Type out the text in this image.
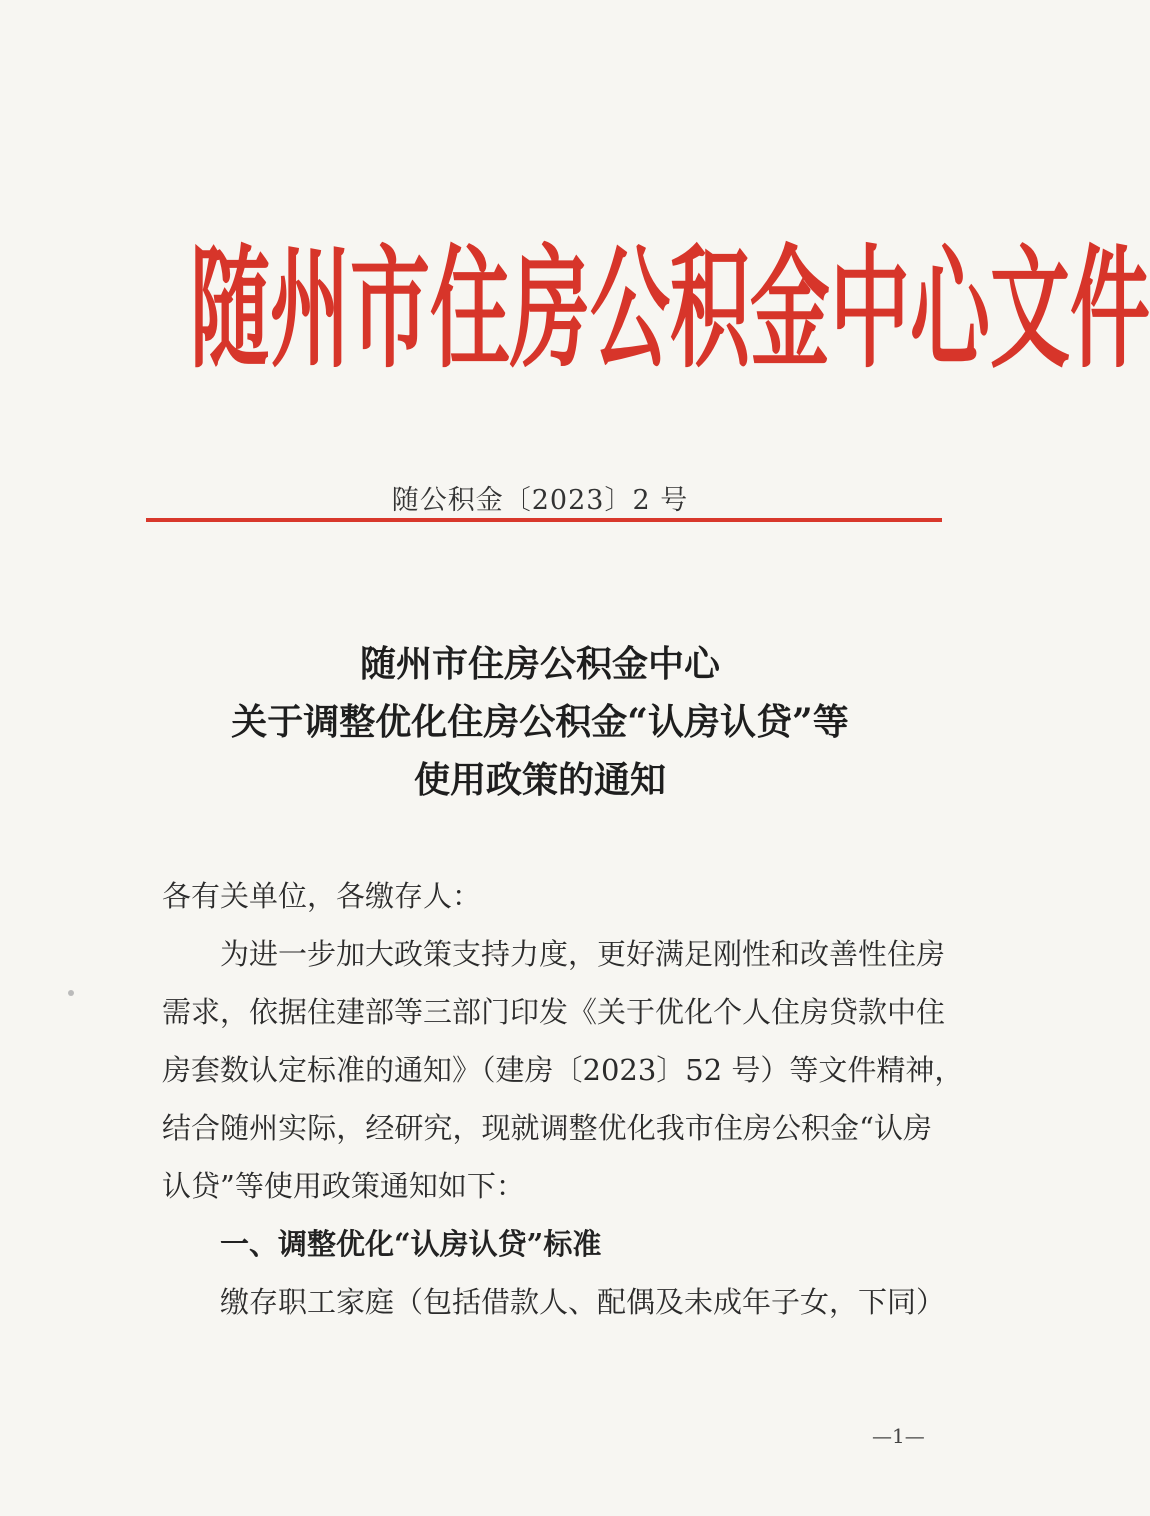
随 州 市 住 房 公 积 金 中 心 文 件
随公积金〔2023〕2 号
随州市住房公积金中心
关于调整优化住房公积金“认房认贷”等
使用政策的通知
各有关单位，各缴存人：
为进一步加大政策支持力度，更好满足刚性和改善性住房
需求，依据住建部等三部门印发《关于优化个人住房贷款中住
房套数认定标准的通知》（建房〔2023〕52 号）等文件精神，
结合随州实际，经研究，现就调整优化我市住房公积金“认房
认贷”等使用政策通知如下：
一、调整优化“认房认贷”标准
缴存职工家庭（包括借款人、配偶及未成年子女，下同）
—1—
